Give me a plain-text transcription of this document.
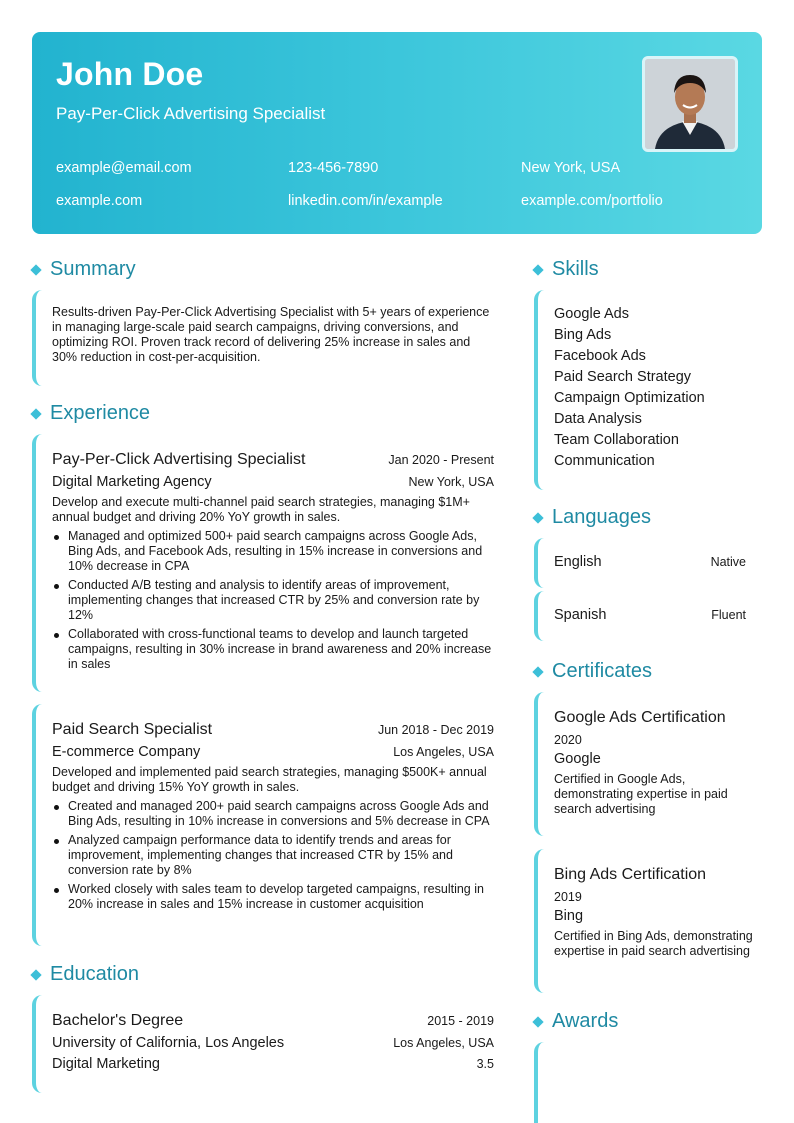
John Doe
Pay-Per-Click Advertising Specialist
example@email.com	123-456-7890	New York, USA
example.com	linkedin.com/in/example	example.com/portfolio
Summary
Results-driven Pay-Per-Click Advertising Specialist with 5+ years of experience in managing large-scale paid search campaigns, driving conversions, and optimizing ROI. Proven track record of delivering 25% increase in sales and 30% reduction in cost-per-acquisition.
Experience
Pay-Per-Click Advertising Specialist	Jan 2020 - Present
Digital Marketing Agency	New York, USA
Develop and execute multi-channel paid search strategies, managing $1M+ annual budget and driving 20% YoY growth in sales.
Managed and optimized 500+ paid search campaigns across Google Ads, Bing Ads, and Facebook Ads, resulting in 15% increase in conversions and 10% decrease in CPA
Conducted A/B testing and analysis to identify areas of improvement, implementing changes that increased CTR by 25% and conversion rate by 12%
Collaborated with cross-functional teams to develop and launch targeted campaigns, resulting in 30% increase in brand awareness and 20% increase in sales
Paid Search Specialist	Jun 2018 - Dec 2019
E-commerce Company	Los Angeles, USA
Developed and implemented paid search strategies, managing $500K+ annual budget and driving 15% YoY growth in sales.
Created and managed 200+ paid search campaigns across Google Ads and Bing Ads, resulting in 10% increase in conversions and 5% decrease in CPA
Analyzed campaign performance data to identify trends and areas for improvement, implementing changes that increased CTR by 15% and conversion rate by 8%
Worked closely with sales team to develop targeted campaigns, resulting in 20% increase in sales and 15% increase in customer acquisition
Education
Bachelor's Degree	2015 - 2019
University of California, Los Angeles	Los Angeles, USA
Digital Marketing	3.5
Skills
Google Ads
Bing Ads
Facebook Ads
Paid Search Strategy
Campaign Optimization
Data Analysis
Team Collaboration
Communication
Languages
English	Native
Spanish	Fluent
Certificates
Google Ads Certification
2020
Google
Certified in Google Ads, demonstrating expertise in paid search advertising
Bing Ads Certification
2019
Bing
Certified in Bing Ads, demonstrating expertise in paid search advertising
Awards
